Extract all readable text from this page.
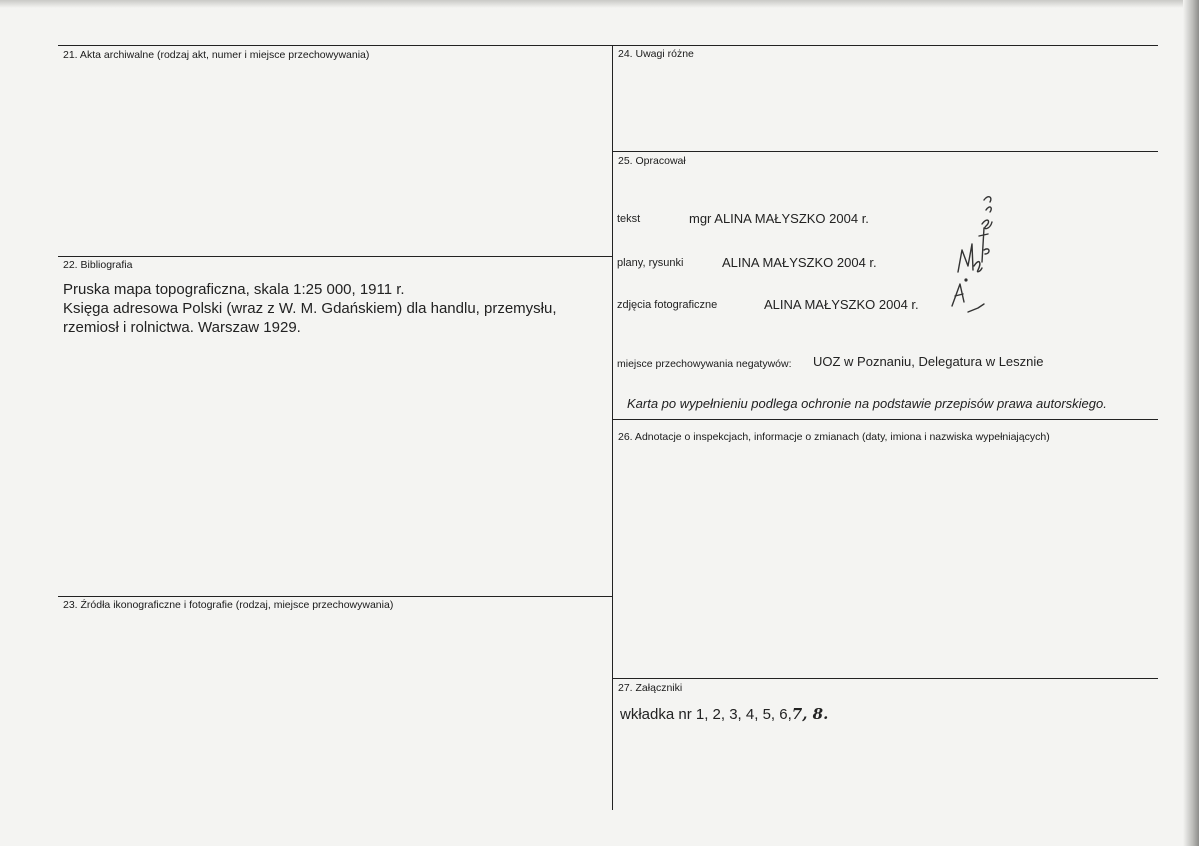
21. Akta archiwalne (rodzaj akt, numer i miejsce przechowywania)
22. Bibliografia
Pruska mapa topograficzna, skala 1:25 000, 1911 r.
Księga adresowa Polski (wraz z W. M. Gdańskiem) dla handlu, przemysłu,
rzemiosł i rolnictwa. Warszaw 1929.
23. Źródła ikonograficzne i fotografie (rodzaj, miejsce przechowywania)
24. Uwagi różne
25. Opracował
tekst	mgr ALINA MAŁYSZKO 2004 r.
plany, rysunki	ALINA MAŁYSZKO 2004 r.
zdjęcia fotograficzne	ALINA MAŁYSZKO 2004 r.
miejsce przechowywania negatywów: UOZ w Poznaniu, Delegatura w Lesznie
Karta po wypełnieniu podlega ochronie na podstawie przepisów prawa autorskiego.
26. Adnotacje o inspekcjach, informacje o zmianach (daty, imiona i nazwiska wypełniających)
27. Załączniki
wkładka nr 1, 2, 3, 4, 5, 6,7, 8.
